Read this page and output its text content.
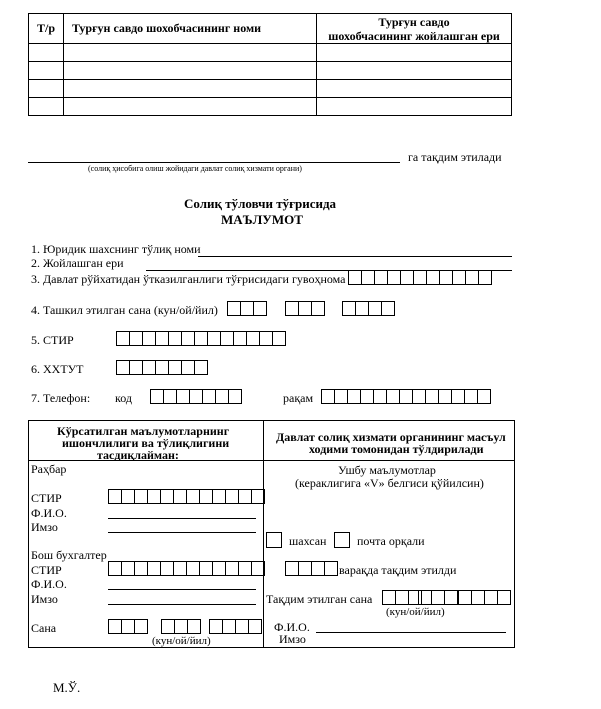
Т/р	Турғун савдо шохобчасининг номи	Турғун савдо
шохобчасининг жойлашган ери

га тақдим этилади
(солиқ ҳисобига олиш жойидаги давлат солиқ хизмати органи)
Солиқ тўловчи тўғрисида
МАЪЛУМОТ
1. Юридик шахснинг тўлиқ номи
2. Жойлашган ери
3. Давлат рўйхатидан ўтказилганлиги тўғрисидаги гувоҳнома
4. Ташкил этилган сана (кун/ой/йил)
5. СТИР
6. ХХТУТ
7. Телефон: код	рақам
Кўрсатилган маълумотларнинг
ишончлилиги ва тўлиқлигини
тасдиқлайман:
Давлат солиқ хизмати органининг масъул
ходими томонидан тўлдирилади
Раҳбар
СТИР
Ф.И.О.
Имзо
Бош бухгалтер
СТИР
Ф.И.О.
Имзо
Сана
(кун/ой/йил)
Ушбу маълумотлар
(кераклигига «V» белгиси қўйилсин)
шахсан	почта орқали
варақда тақдим этилди
Тақдим этилган сана
(кун/ой/йил)
Ф.И.О.
Имзо
М.Ў.
